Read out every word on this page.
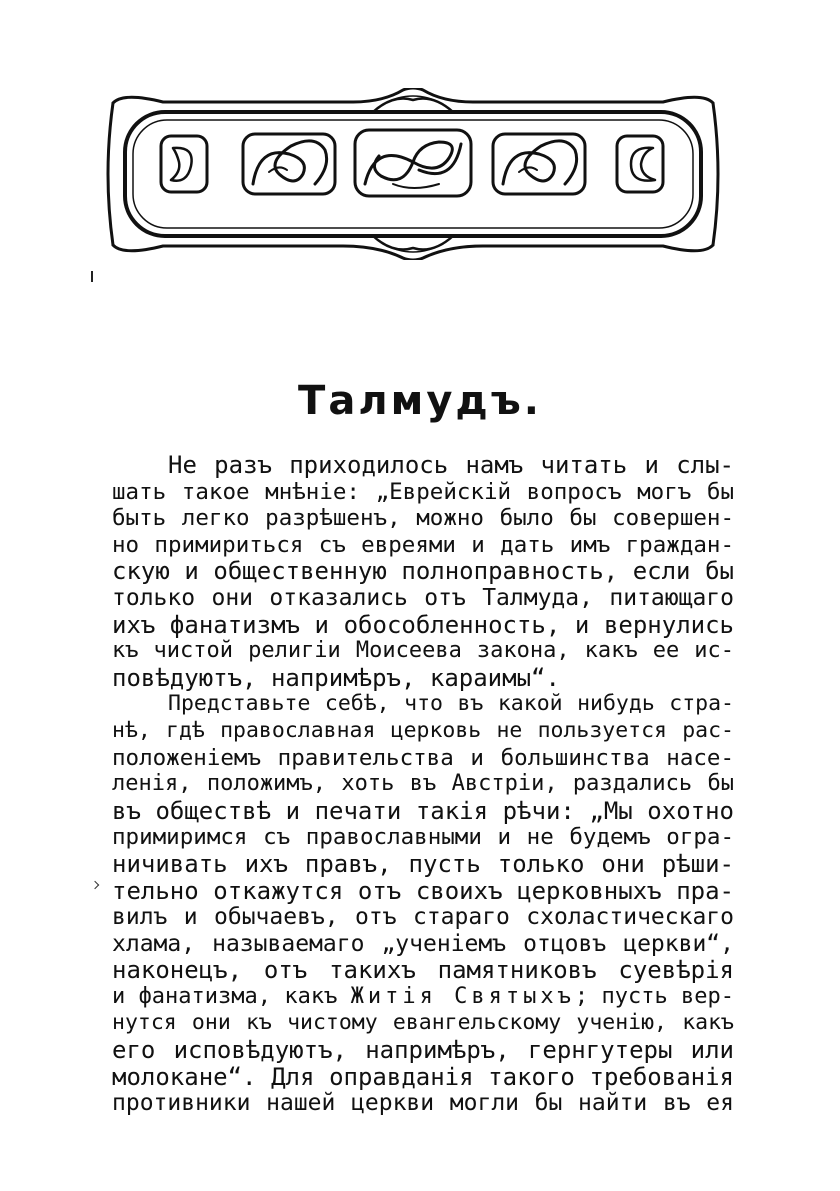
Талмудъ.
Не разъ приходилось намъ читать и слы-
шать такое мнѣніе: „Еврейскій вопросъ могъ бы
быть легко разрѣшенъ, можно было бы совершен-
но примириться съ евреями и дать имъ граждан-
скую и общественную полноправность, если бы
только они отказались отъ Талмуда, питающаго
ихъ фанатизмъ и обособленность, и вернулись
къ чистой религіи Моисеева закона, какъ ее ис-
повѣдуютъ, напримѣръ, караимы“.
Представьте себѣ, что въ какой нибудь стра-
нѣ, гдѣ православная церковь не пользуется рас-
положеніемъ правительства и большинства насе-
ленія, положимъ, хоть въ Австріи, раздались бы
въ обществѣ и печати такія рѣчи: „Мы охотно
примиримся съ православными и не будемъ огра-
ничивать ихъ правъ, пусть только они рѣши-
тельно откажутся отъ своихъ церковныхъ пра-
вилъ и обычаевъ, отъ стараго схоластическаго
хлама, называемаго „ученіемъ отцовъ церкви“,
наконецъ, отъ такихъ памятниковъ суевѣрія
и фанатизма, какъ Житія Святыхъ; пусть вер-
нутся они къ чистому евангельскому ученію, какъ
его исповѣдуютъ, напримѣръ, гернгутеры или
молокане“. Для оправданія такого требованія
противники нашей церкви могли бы найти въ ея
